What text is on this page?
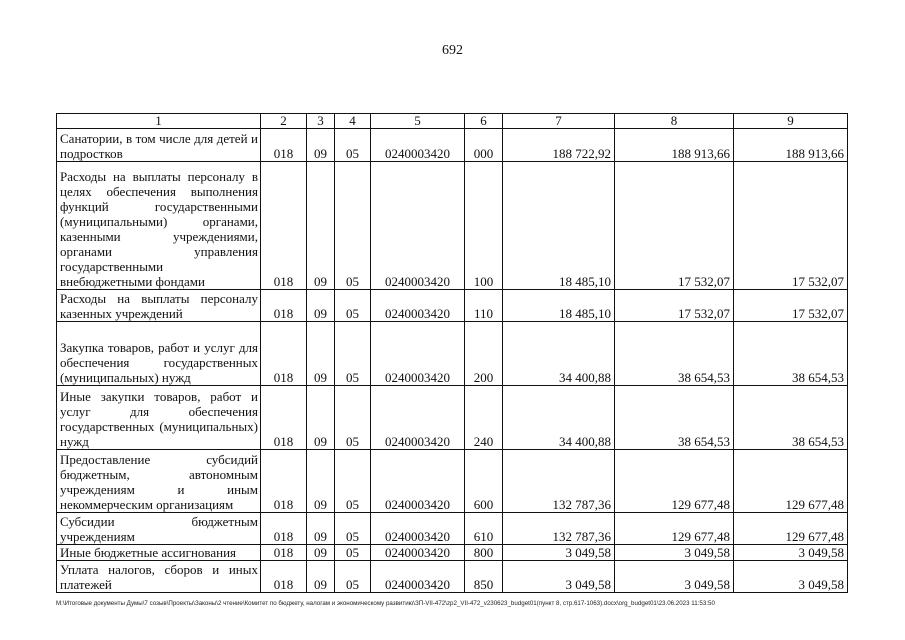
692
1	2	3	4	5	6	7	8	9
Санатории, в том числе для детей и подростков	018	09	05	0240003420	000	188 722,92	188 913,66	188 913,66
Расходы на выплаты персоналу в целях обеспечения выполнения функций государственными (муниципальными) органами, казенными учреждениями, органами управления государственными внебюджетными фондами	018	09	05	0240003420	100	18 485,10	17 532,07	17 532,07
Расходы на выплаты персоналу казенных учреждений	018	09	05	0240003420	110	18 485,10	17 532,07	17 532,07
Закупка товаров, работ и услуг для обеспечения государственных (муниципальных) нужд	018	09	05	0240003420	200	34 400,88	38 654,53	38 654,53
Иные закупки товаров, работ и услуг для обеспечения государственных (муниципальных) нужд	018	09	05	0240003420	240	34 400,88	38 654,53	38 654,53
Предоставление субсидий бюджетным, автономным учреждениям и иным некоммерческим организациям	018	09	05	0240003420	600	132 787,36	129 677,48	129 677,48
Субсидии бюджетным учреждениям	018	09	05	0240003420	610	132 787,36	129 677,48	129 677,48
Иные бюджетные ассигнования	018	09	05	0240003420	800	3 049,58	3 049,58	3 049,58
Уплата налогов, сборов и иных платежей	018	09	05	0240003420	850	3 049,58	3 049,58	3 049,58
M:\Итоговые документы Думы\7 созыв\Проекты\Законы\2 чтение\Комитет по бюджету, налогам и экономическому развитию\ЗП-VII-472\zp2_VII-472_v230623_budget01(пункт 8, стр.617-1063).docx\org_budget01\23.06.2023 11:53:50
